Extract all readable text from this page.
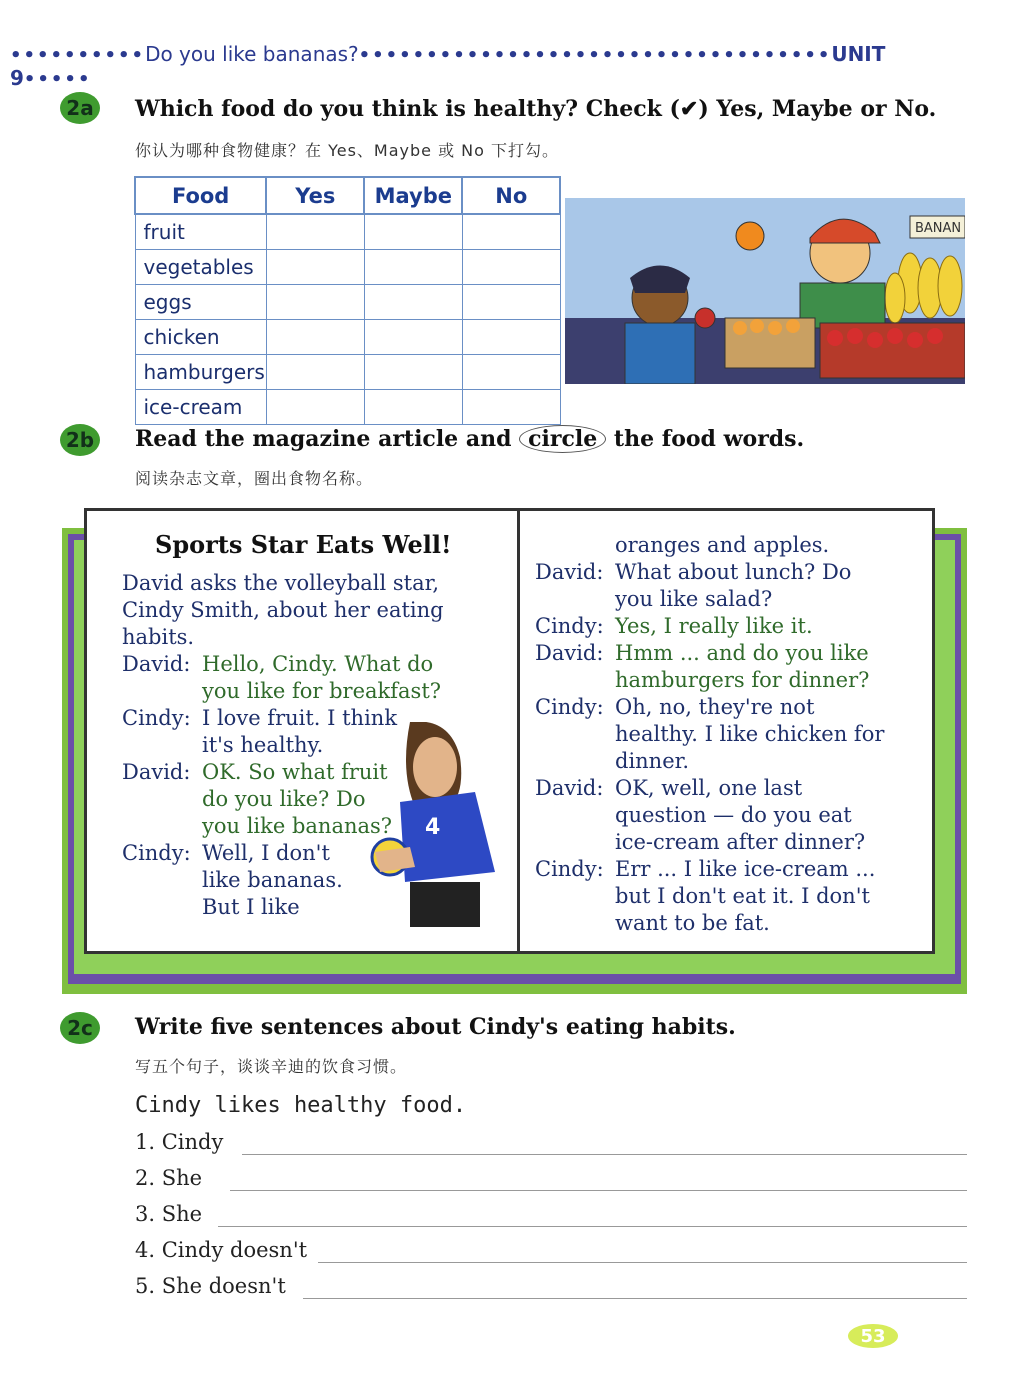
••••••••••Do you like bananas?•••••••••••••••••••••••••••••••••••UNIT 9•••••
2a Which food do you think is healthy? Check (✔) Yes, Maybe or No.
你认为哪种食物健康？在 Yes、Maybe 或 No 下打勾。
Food	Yes	Maybe	No
fruit			
vegetables			
eggs			
chicken			
hamburgers			
ice-cream			
BANAN
2b Read the magazine article and circle the food words.
阅读杂志文章，圈出食物名称。
Sports Star Eats Well!
David asks the volleyball star,
Cindy Smith, about her eating
habits.
David: Hello, Cindy. What do
you like for breakfast?
Cindy: I love fruit. I think
it's healthy.
David: OK. So what fruit
do you like? Do
you like bananas?
Cindy: Well, I don't
like bananas.
But I like
4
oranges and apples.
David: What about lunch? Do
you like salad?
Cindy: Yes, I really like it.
David: Hmm ... and do you like
hamburgers for dinner?
Cindy: Oh, no, they're not
healthy. I like chicken for
dinner.
David: OK, well, one last
question — do you eat
ice-cream after dinner?
Cindy: Err ... I like ice-cream ...
but I don't eat it. I don't
want to be fat.
2c	Write five sentences about Cindy's eating habits.
写五个句子，谈谈辛迪的饮食习惯。
Cindy likes healthy food.
1. Cindy
2. She
3. She
4. Cindy doesn't
5. She doesn't
53
